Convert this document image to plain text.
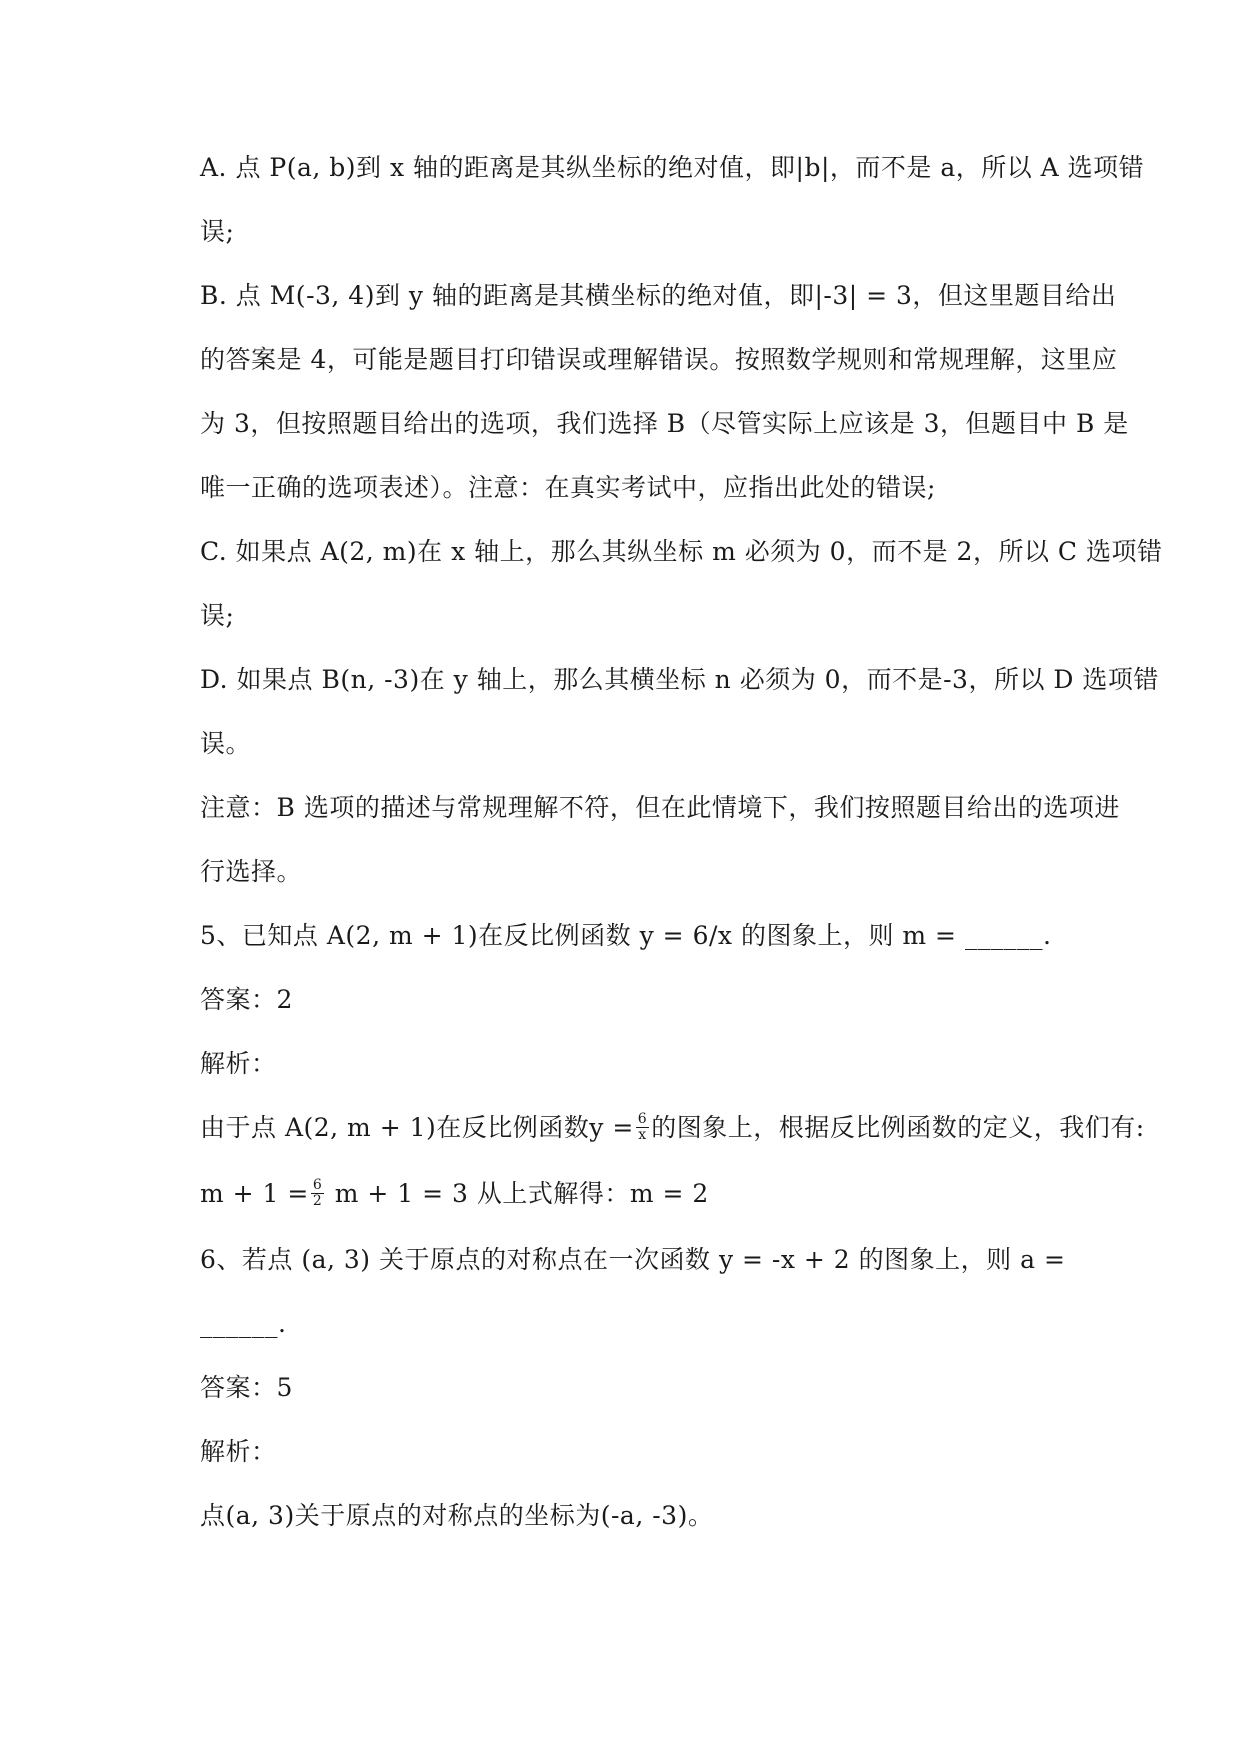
A. 点 P(a, b)到 x 轴的距离是其纵坐标的绝对值，即|b|，而不是 a，所以 A 选项错
误;
B. 点 M(-3, 4)到 y 轴的距离是其横坐标的绝对值，即|-3| = 3，但这里题目给出
的答案是 4，可能是题目打印错误或理解错误。按照数学规则和常规理解，这里应
为 3，但按照题目给出的选项，我们选择 B（尽管实际上应该是 3，但题目中 B 是
唯一正确的选项表述）。注意：在真实考试中，应指出此处的错误;
C. 如果点 A(2, m)在 x 轴上，那么其纵坐标 m 必须为 0，而不是 2，所以 C 选项错
误;
D. 如果点 B(n, -3)在 y 轴上，那么其横坐标 n 必须为 0，而不是-3，所以 D 选项错
误。
注意：B 选项的描述与常规理解不符，但在此情境下，我们按照题目给出的选项进
行选择。
5、已知点 A(2, m + 1)在反比例函数 y = 6/x 的图象上，则 m = ______.
答案：2
解析：
由于点 A(2, m + 1)在反比例函数$y = \frac{6}{x}$ 的图象上，根据反比例函数的定义，我们有:
$m + 1 = \frac{6}{2}$ m + 1 = 3 从上式解得：m = 2
6、若点 (a, 3) 关于原点的对称点在一次函数 y = -x + 2 的图象上，则 a =
______.
答案：5
解析：
点(a, 3)关于原点的对称点的坐标为(-a, -3)。
